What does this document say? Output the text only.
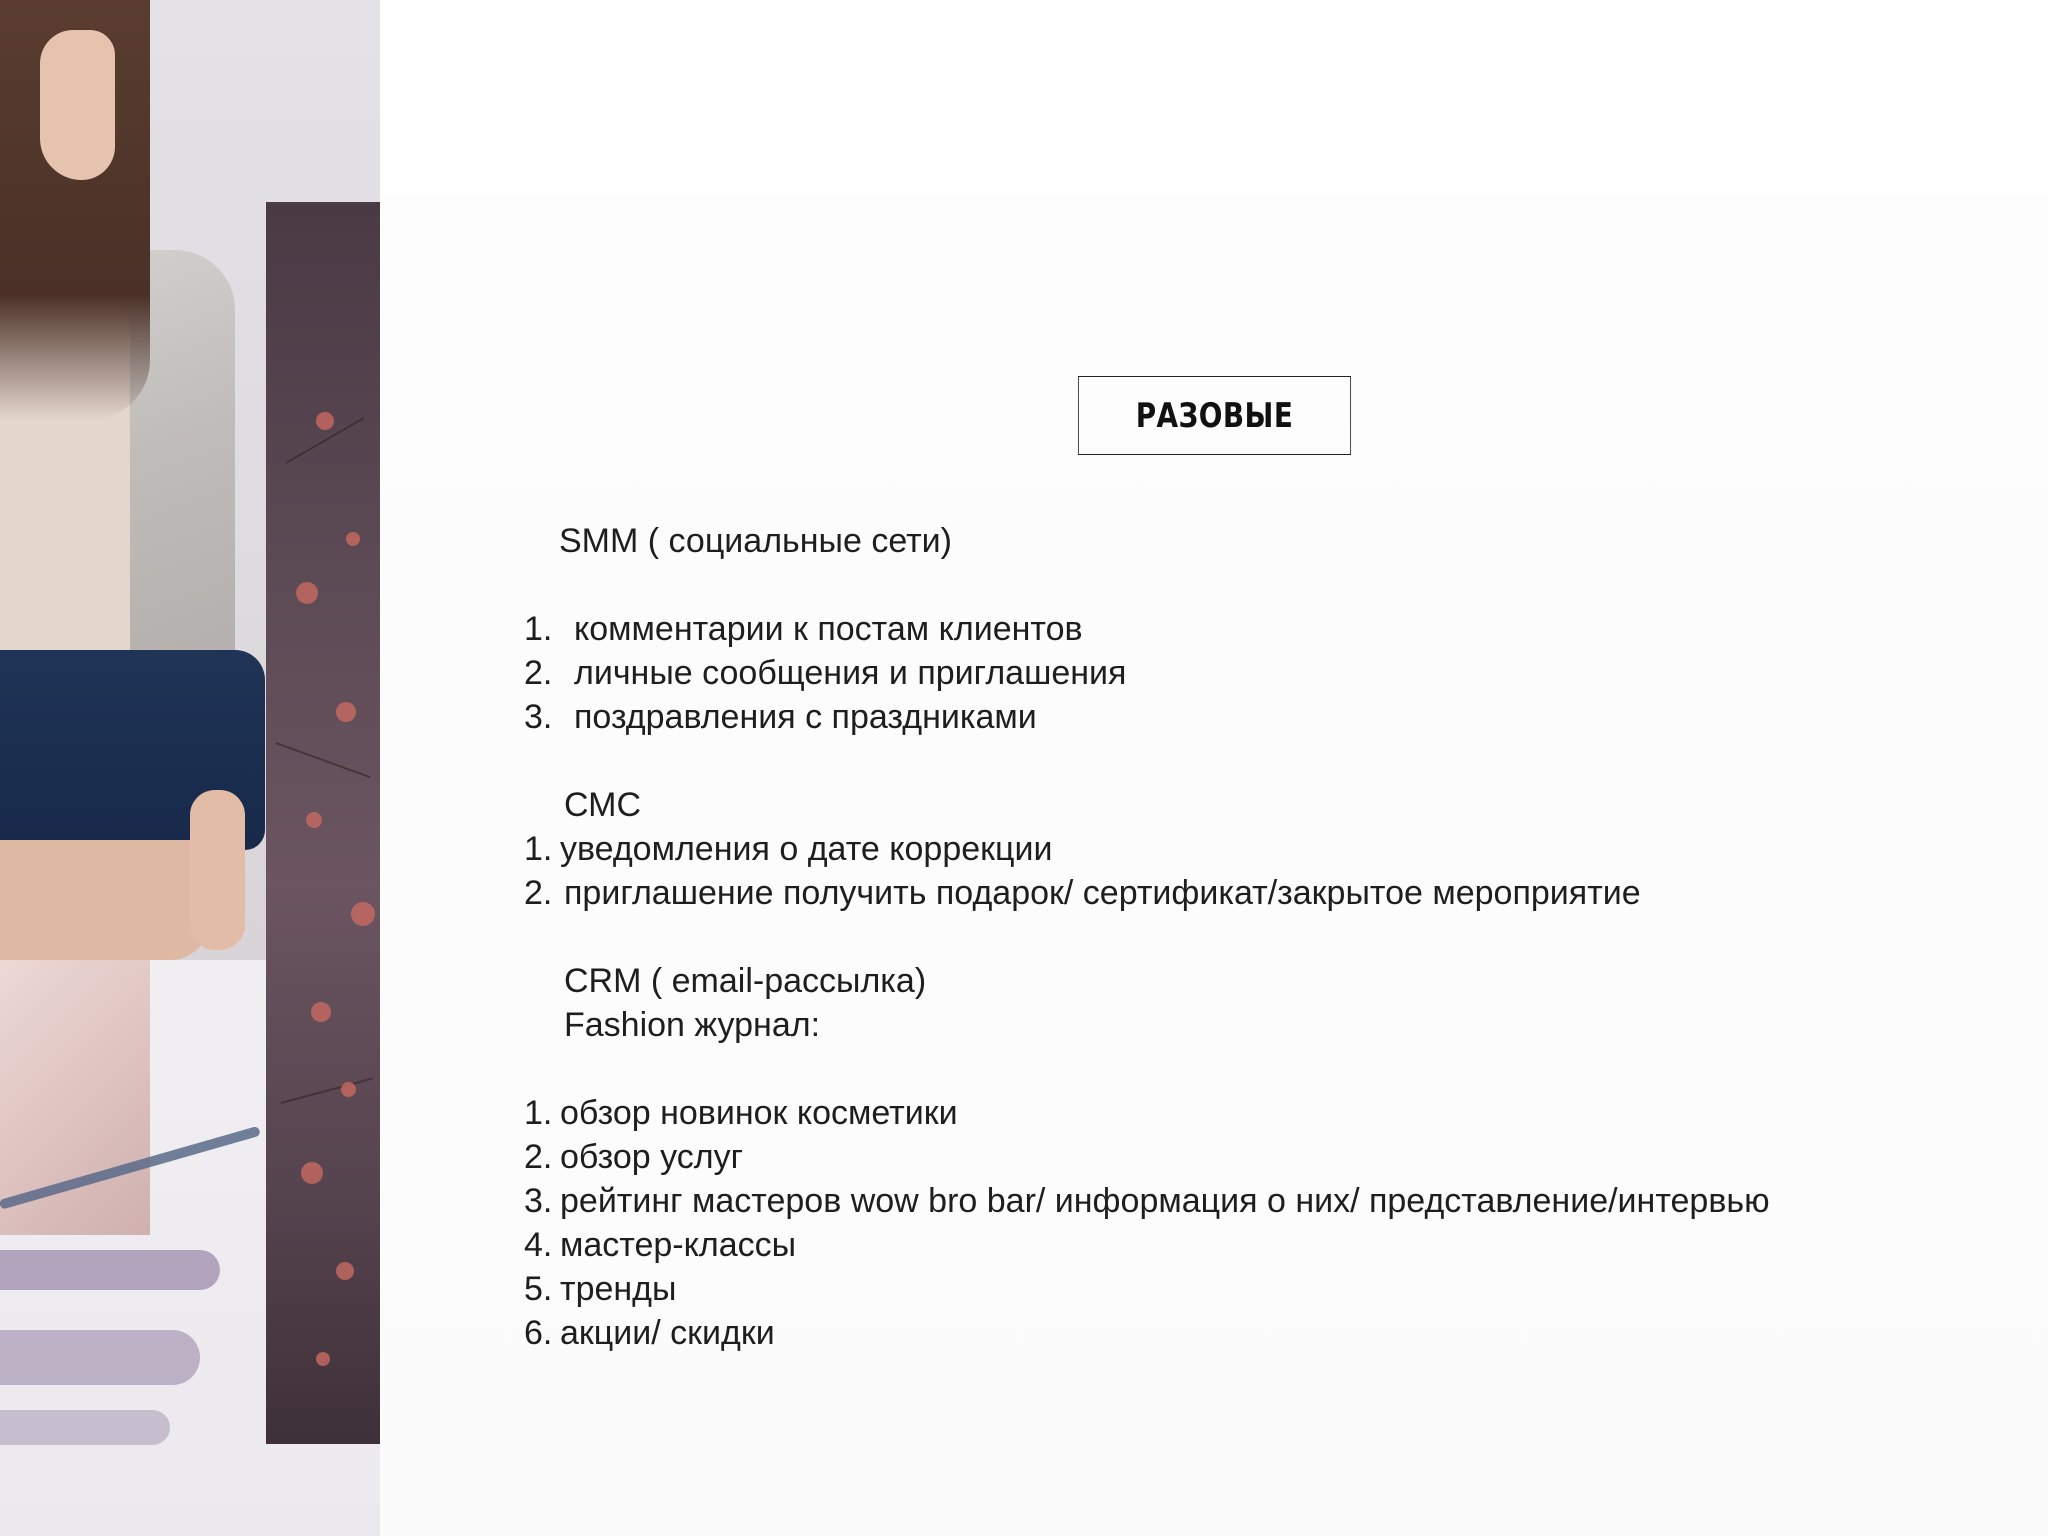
РАЗОВЫЕ
SMM ( социальные сети)
1. комментарии к постам клиентов
2. личные сообщения и приглашения
3. поздравления с праздниками
СМС
1. уведомления о дате коррекции
2. приглашение получить подарок/ сертификат/закрытое мероприятие
CRM ( email-рассылка)
Fashion журнал:
1. обзор новинок косметики
2. обзор услуг
3. рейтинг мастеров wow bro bar/ информация о них/ представление/интервью
4. мастер-классы
5. тренды
6. акции/ скидки
